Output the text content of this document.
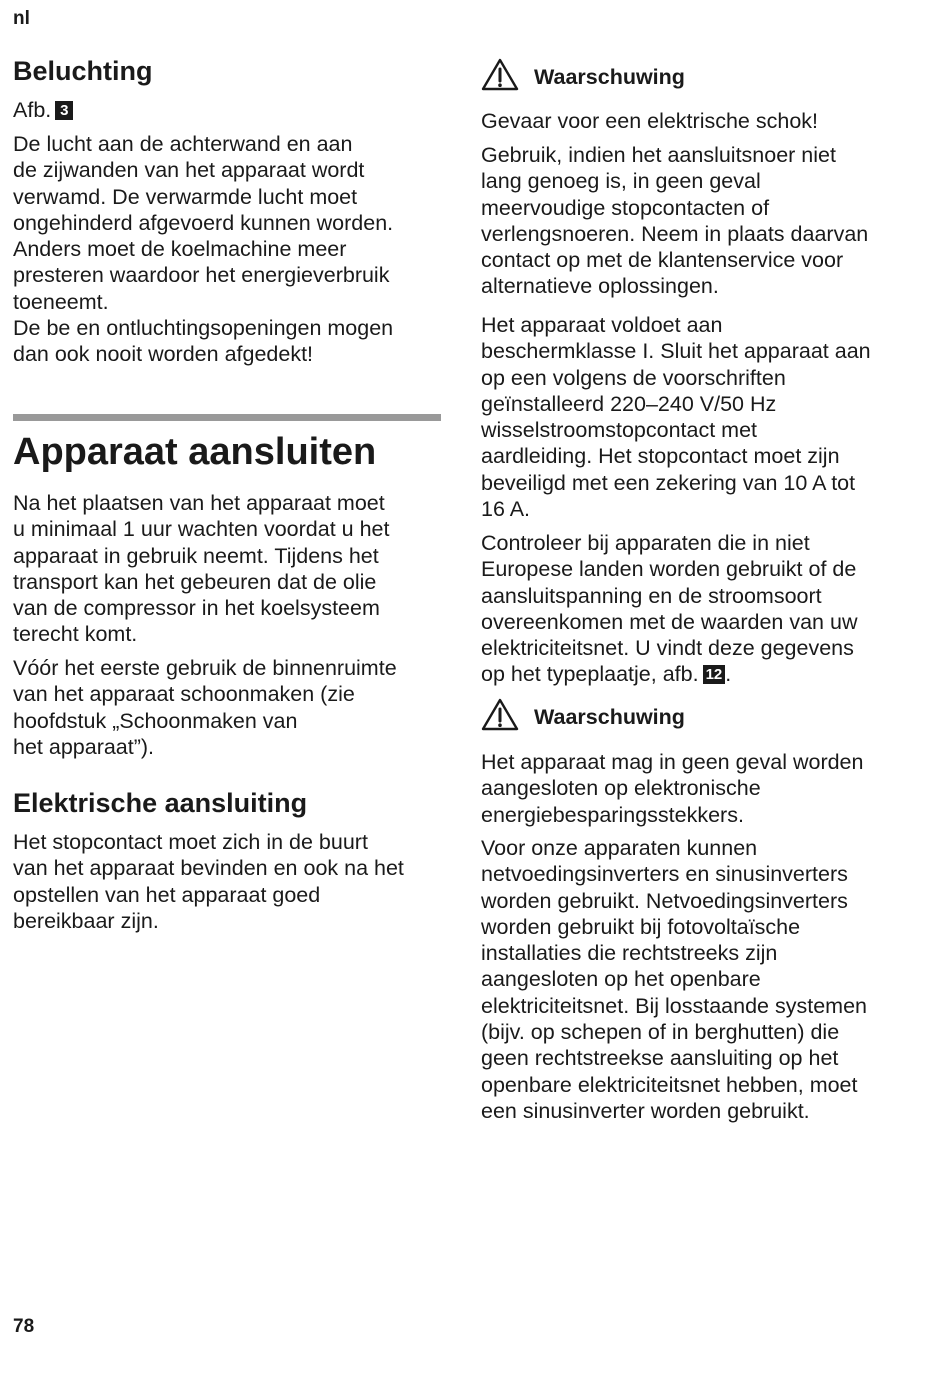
nl
Beluchting

Afb. 3

De lucht aan de achterwand en aan
de zijwanden van het apparaat wordt
verwamd. De verwarmde lucht moet
ongehinderd afgevoerd kunnen worden.
Anders moet de koelmachine meer
presteren waardoor het energieverbruik
toeneemt.
De be en ontluchtingsopeningen mogen
dan ook nooit worden afgedekt!

Apparaat aansluiten

Na het plaatsen van het apparaat moet
u minimaal 1 uur wachten voordat u het
apparaat in gebruik neemt. Tijdens het
transport kan het gebeuren dat de olie
van de compressor in het koelsysteem
terecht komt.

Vóór het eerste gebruik de binnenruimte
van het apparaat schoonmaken (zie
hoofdstuk „Schoonmaken van
het apparaat”).

Elektrische aansluiting

Het stopcontact moet zich in de buurt
van het apparaat bevinden en ook na het
opstellen van het apparaat goed
bereikbaar zijn.

Waarschuwing

Gevaar voor een elektrische schok!

Gebruik, indien het aansluitsnoer niet
lang genoeg is, in geen geval
meervoudige stopcontacten of
verlengsnoeren. Neem in plaats daarvan
contact op met de klantenservice voor
alternatieve oplossingen.

Het apparaat voldoet aan
beschermklasse I. Sluit het apparaat aan
op een volgens de voorschriften
geïnstalleerd 220–240 V/50 Hz
wisselstroomstopcontact met
aardleiding. Het stopcontact moet zijn
beveiligd met een zekering van 10 A tot
16 A.

Controleer bij apparaten die in niet
Europese landen worden gebruikt of de
aansluitspanning en de stroomsoort
overeenkomen met de waarden van uw
elektriciteitsnet. U vindt deze gegevens
op het typeplaatje, afb. 12 .

Waarschuwing

Het apparaat mag in geen geval worden
aangesloten op elektronische
energiebesparingsstekkers.

Voor onze apparaten kunnen
netvoedingsinverters en sinusinverters
worden gebruikt. Netvoedingsinverters
worden gebruikt bij fotovoltaïsche
installaties die rechtstreeks zijn
aangesloten op het openbare
elektriciteitsnet. Bij losstaande systemen
(bijv. op schepen of in berghutten) die
geen rechtstreekse aansluiting op het
openbare elektriciteitsnet hebben, moet
een sinusinverter worden gebruikt.

78
